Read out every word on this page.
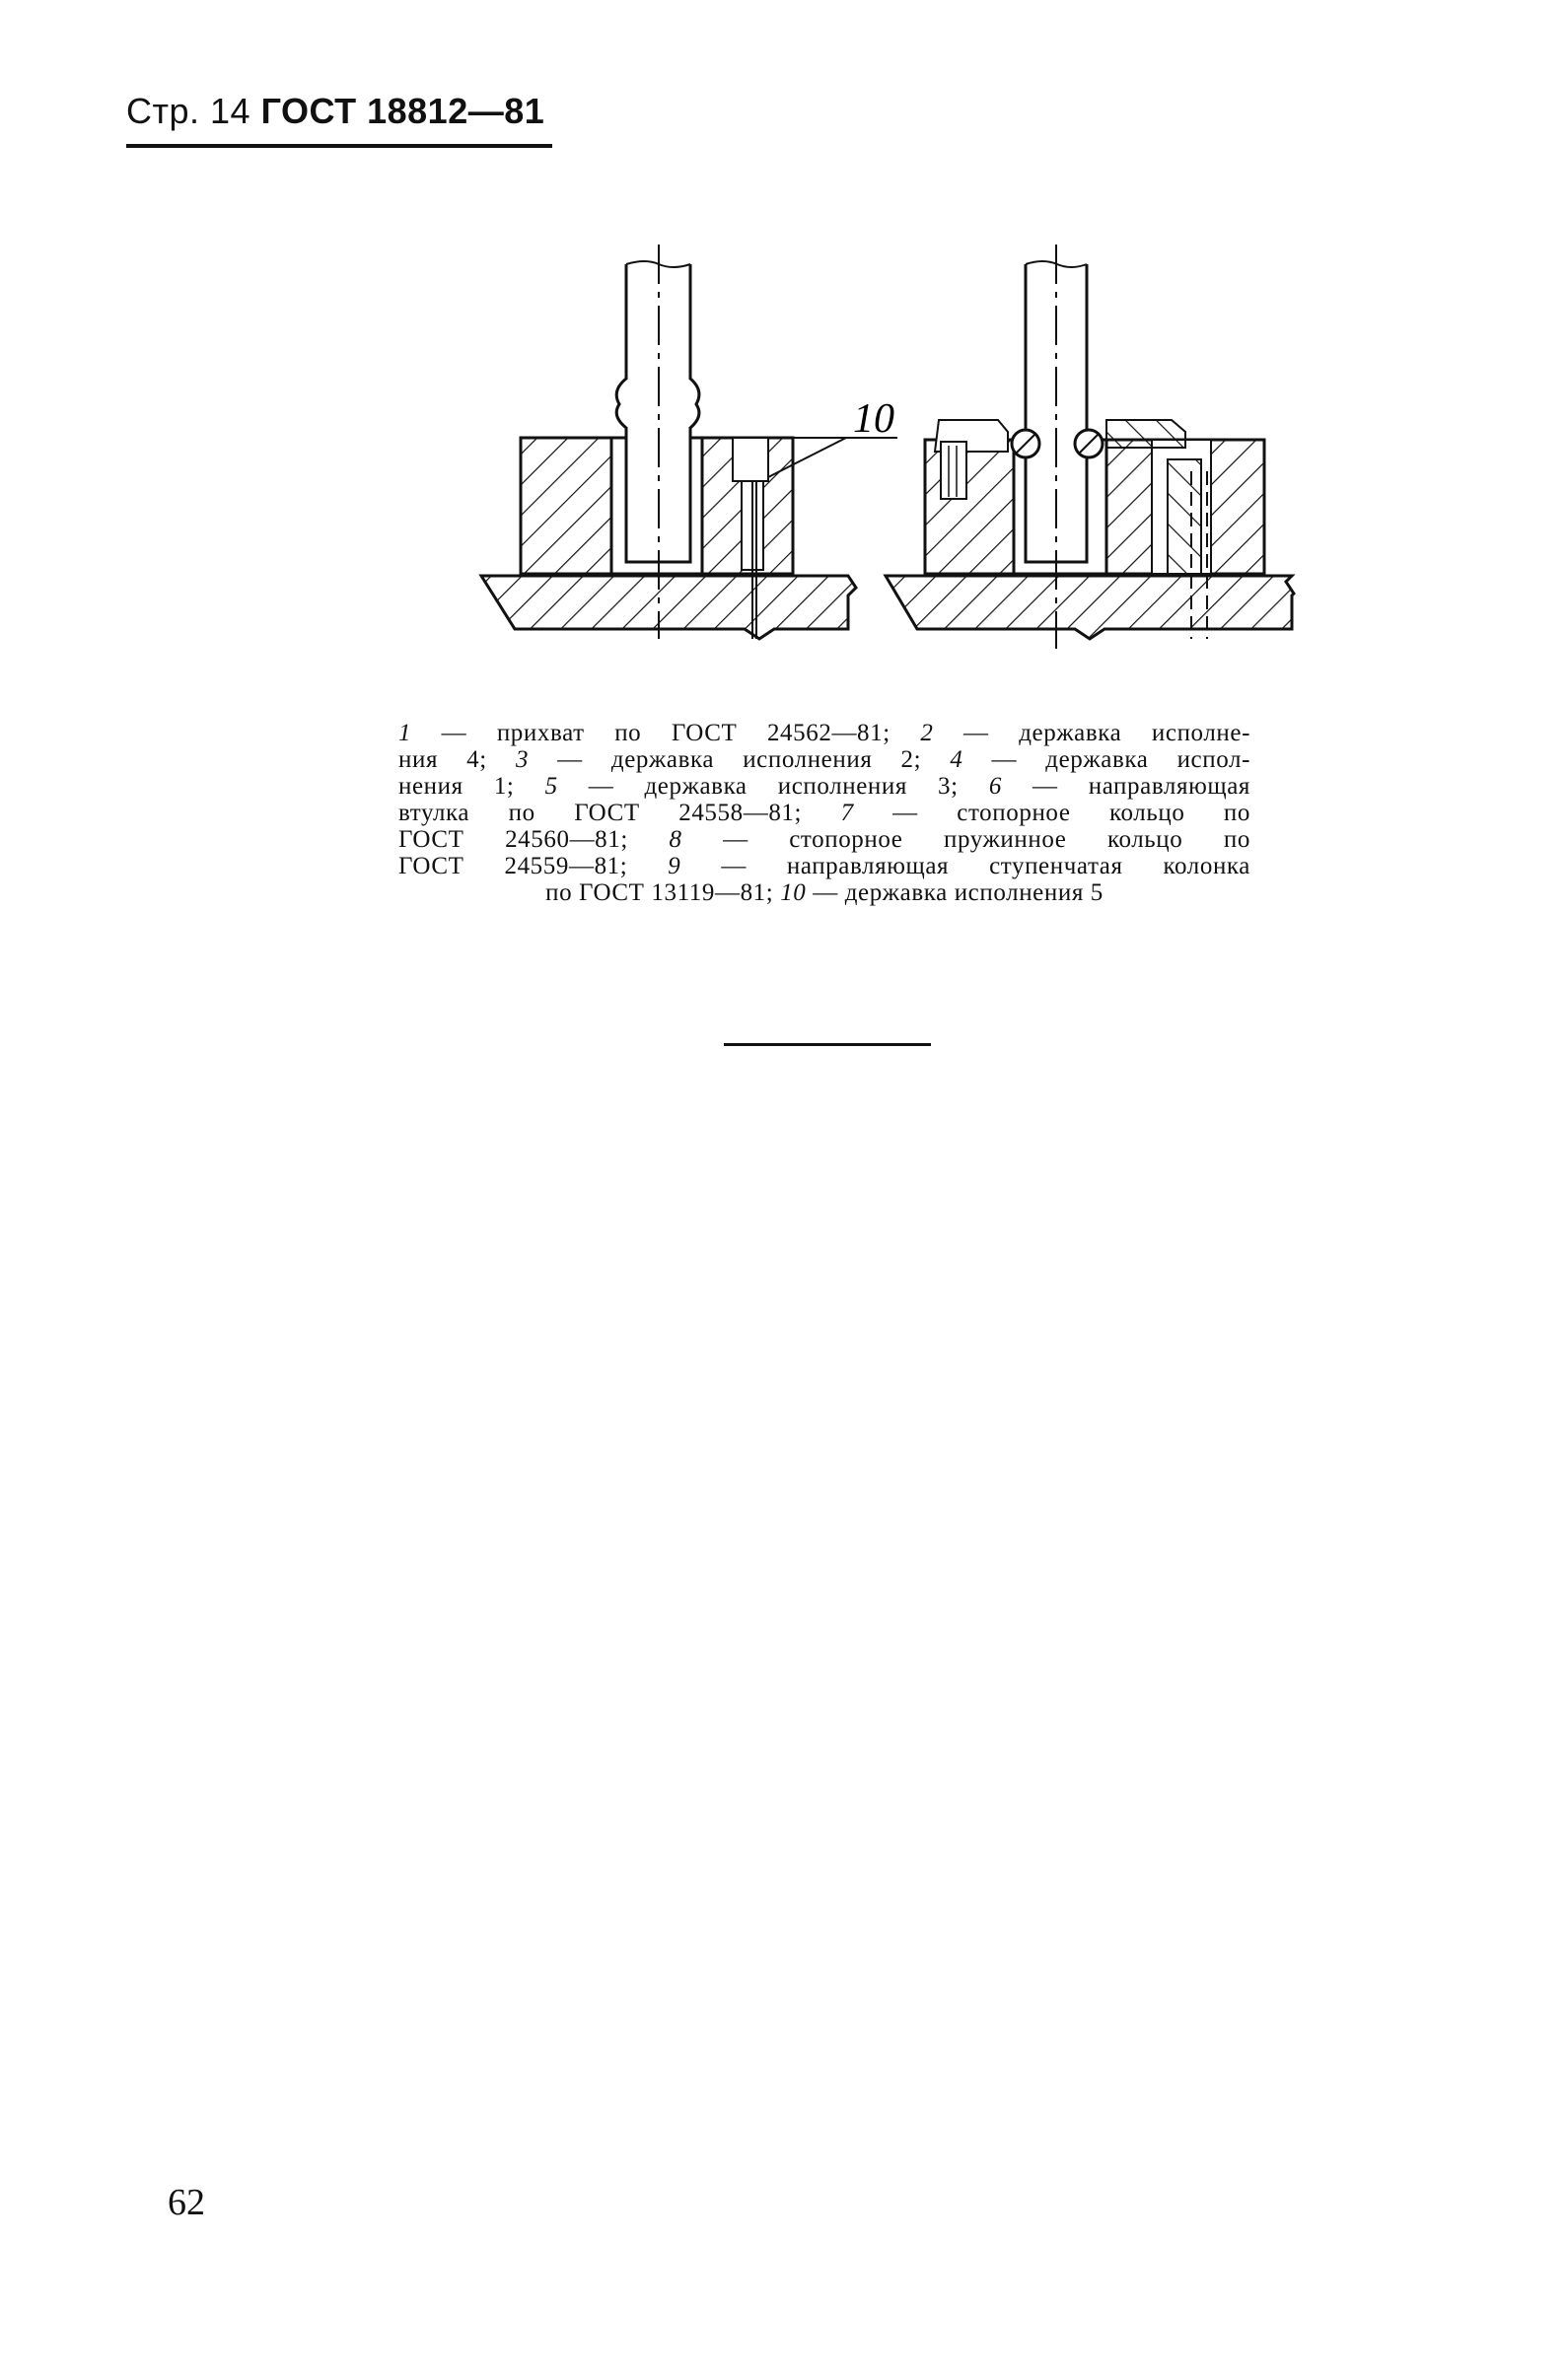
Стр. 14 ГОСТ 18812—81
10
1 — прихват по ГОСТ 24562—81; 2 — державка исполне-
ния 4; 3 — державка исполнения 2; 4 — державка испол-
нения 1; 5 — державка исполнения 3; 6 — направляющая
втулка по ГОСТ 24558—81; 7 — стопорное кольцо по
ГОСТ 24560—81; 8 — стопорное пружинное кольцо по
ГОСТ 24559—81; 9 — направляющая ступенчатая колонка
по ГОСТ 13119—81; 10 — державка исполнения 5
62
